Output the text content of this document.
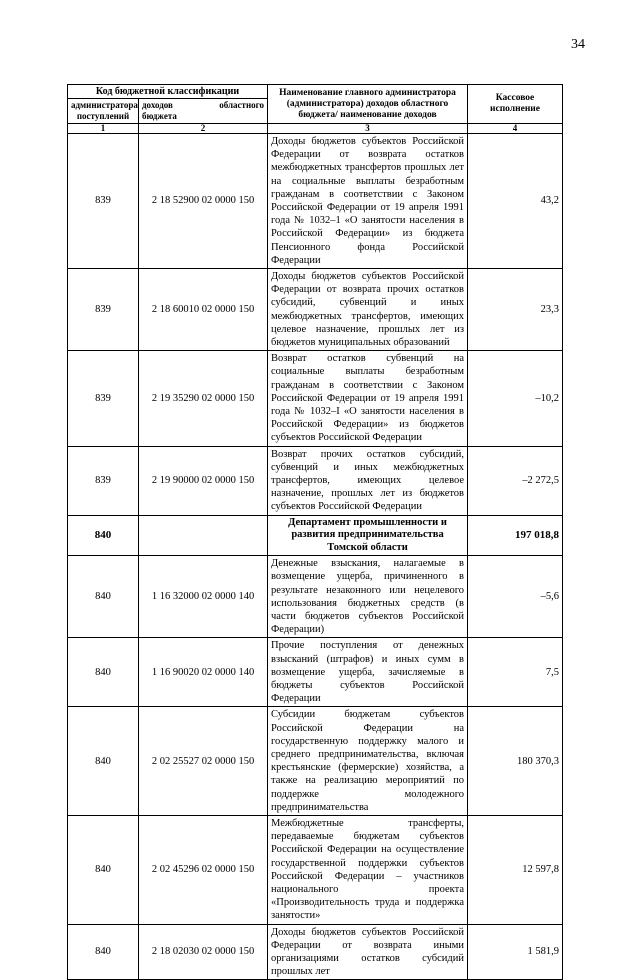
34
Код бюджетной классификации		Наименование главного администратора (администратора) доходов областного бюджета/ наименование доходов	Кассовое исполнение
администратора поступлений	доходов областного
бюджета		

1	2	3	4
839	2 18 52900 02 0000 150	Доходы бюджетов субъектов Российской Федерации от возврата остатков межбюджетных трансфертов прошлых лет на социальные выплаты безработным гражданам в соответствии с Законом Российской Федерации от 19 апреля 1991 года № 1032–1 «О занятости населения в Российской Федерации» из бюджета Пенсионного фонда Российской Федерации	43,2
839	2 18 60010 02 0000 150	Доходы бюджетов субъектов Российской Федерации от возврата прочих остатков субсидий, субвенций и иных межбюджетных трансфертов, имеющих целевое назначение, прошлых лет из бюджетов муниципальных образований	23,3
839	2 19 35290 02 0000 150	Возврат остатков субвенций на социальные выплаты безработным гражданам в соответствии с Законом Российской Федерации от 19 апреля 1991 года № 1032–I «О занятости населения в Российской Федерации» из бюджетов субъектов Российской Федерации	–10,2
839	2 19 90000 02 0000 150	Возврат прочих остатков субсидий, субвенций и иных межбюджетных трансфертов, имеющих целевое назначение, прошлых лет из бюджетов субъектов Российской Федерации	–2 272,5
840		Департамент промышленности и развития предпринимательства Томской области	197 018,8
840	1 16 32000 02 0000 140	Денежные взыскания, налагаемые в возмещение ущерба, причиненного в результате незаконного или нецелевого использования бюджетных средств (в части бюджетов субъектов Российской Федерации)	–5,6
840	1 16 90020 02 0000 140	Прочие поступления от денежных взысканий (штрафов) и иных сумм в возмещение ущерба, зачисляемые в бюджеты субъектов Российской Федерации	7,5
840	2 02 25527 02 0000 150	Субсидии бюджетам субъектов Российской Федерации на государственную поддержку малого и среднего предпринимательства, включая крестьянские (фермерские) хозяйства, а также на реализацию мероприятий по поддержке молодежного предпринимательства	180 370,3
840	2 02 45296 02 0000 150	Межбюджетные трансферты, передаваемые бюджетам субъектов Российской Федерации на осуществление государственной поддержки субъектов Российской Федерации – участников национального проекта «Производительность труда и поддержка занятости»	12 597,8
840	2 18 02030 02 0000 150	Доходы бюджетов субъектов Российской Федерации от возврата иными организациями остатков субсидий прошлых лет	1 581,9
